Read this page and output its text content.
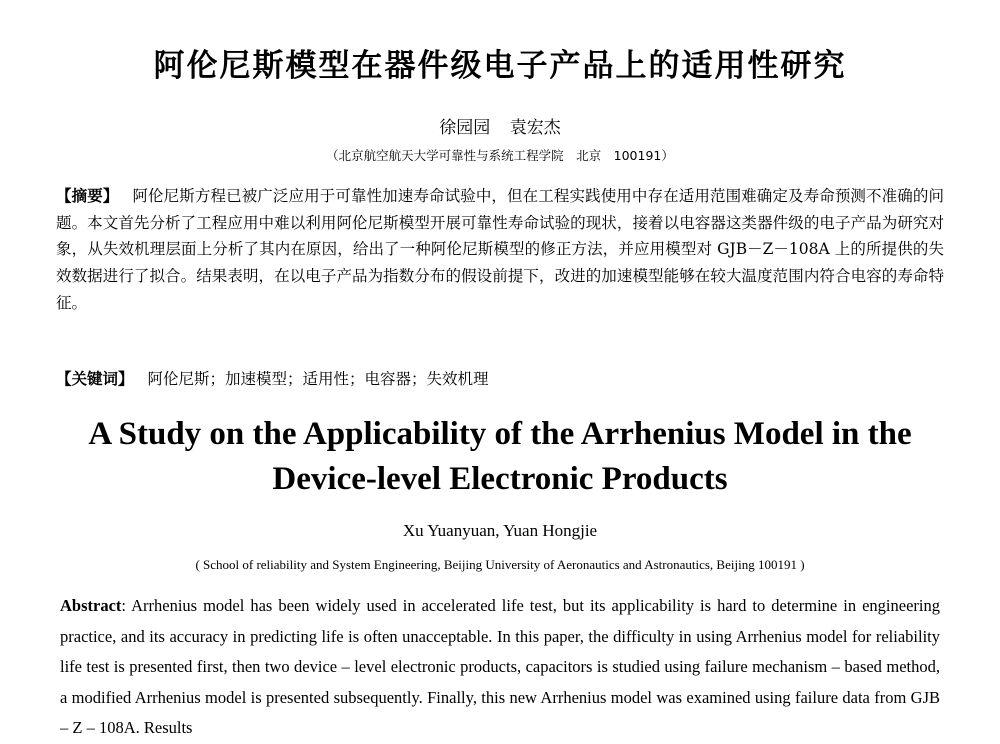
阿伦尼斯模型在器件级电子产品上的适用性研究
徐园园 袁宏杰
（北京航空航天大学可靠性与系统工程学院　北京　100191）
【摘要】 阿伦尼斯方程已被广泛应用于可靠性加速寿命试验中，但在工程实践使用中存在适用范围难确定及寿命预测不准确的问题。本文首先分析了工程应用中难以利用阿伦尼斯模型开展可靠性寿命试验的现状，接着以电容器这类器件级的电子产品为研究对象，从失效机理层面上分析了其内在原因，给出了一种阿伦尼斯模型的修正方法，并应用模型对 GJB－Z－108A 上的所提供的失效数据进行了拟合。结果表明，在以电子产品为指数分布的假设前提下，改进的加速模型能够在较大温度范围内符合电容的寿命特征。
【关键词】 阿伦尼斯；加速模型；适用性；电容器；失效机理
A Study on the Applicability of the Arrhenius Model in the Device-level Electronic Products
Xu Yuanyuan, Yuan Hongjie
( School of reliability and System Engineering, Beijing University of Aeronautics and Astronautics, Beijing 100191 )
Abstract: Arrhenius model has been widely used in accelerated life test, but its applicability is hard to determine in engineering practice, and its accuracy in predicting life is often unacceptable. In this paper, the difficulty in using Arrhenius model for reliability life test is presented first, then two device – level electronic products, capacitors is studied using failure mechanism – based method, a modified Arrhenius model is presented subsequently. Finally, this new Arrhenius model was examined using failure data from GJB – Z – 108A. Results
